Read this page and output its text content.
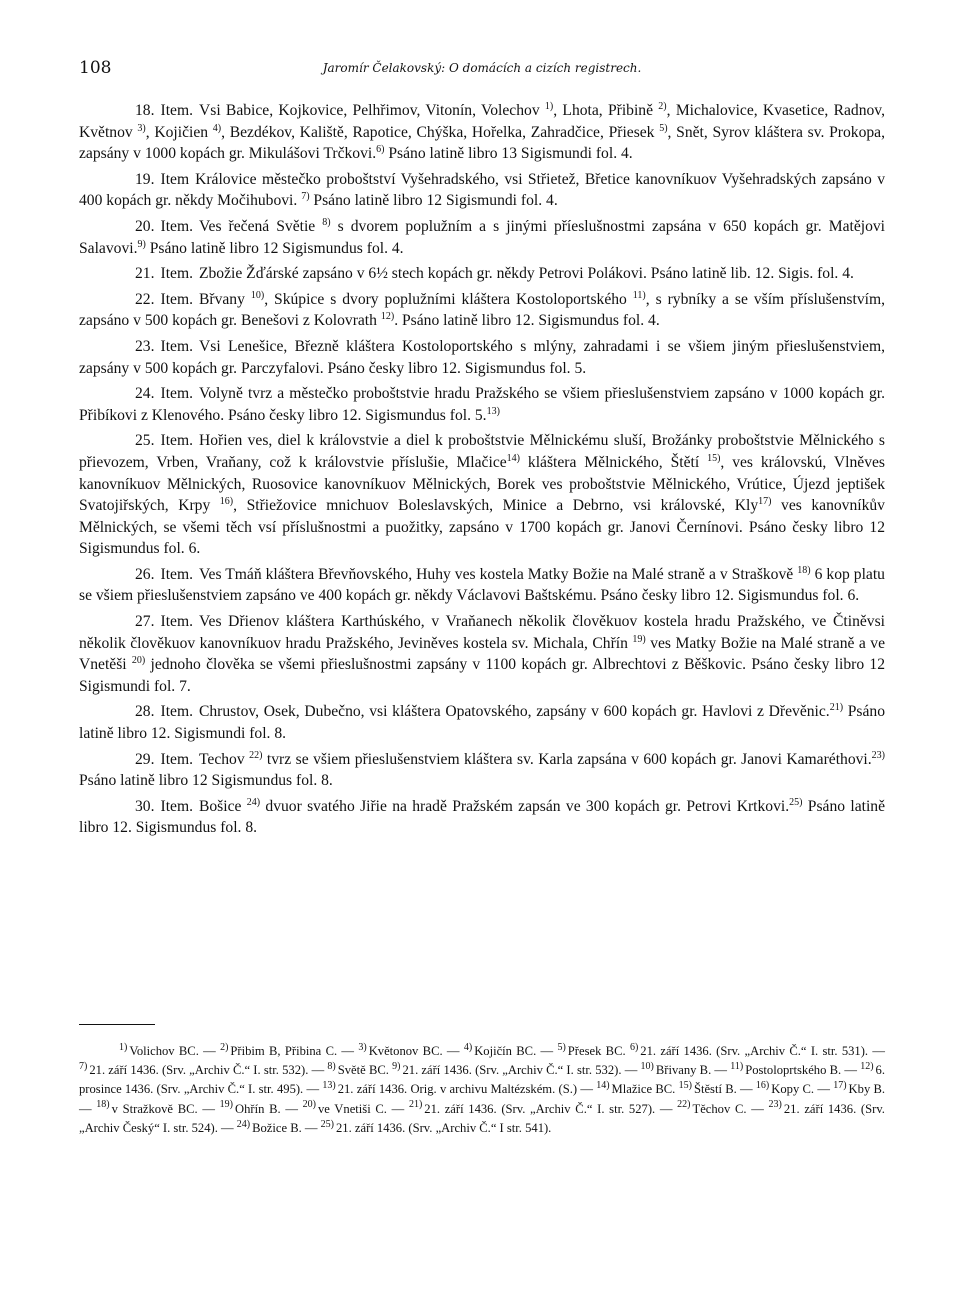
108	Jaromír Čelakovský: O domácích a cizích registrech.

18. Item. Vsi Babice, Kojkovice, Pelhřimov, Vitonín, Volechov $^{1)}$, Lhota, Přibině $^{2)}$, Michalovice, Kvasetice, Radnov, Květnov $^{3)}$, Kojičien $^{4)}$, Bezdékov, Kaliště, Rapotice, Chýška, Hořelka, Zahradčice, Přiesek $^{5)}$, Snět, Syrov kláštera sv. Prokopa, zapsány v 1000 kopách gr. Mikulášovi Trčkovi.$^{6)}$ Psáno latině libro 13 Sigismundi fol. 4.

19. Item Královice městečko proboštství Vyšehradského, vsi Střietež, Břetice kanovníkuov Vyšehradských zapsáno v 400 kopách gr. někdy Močihubovi. $^{7)}$ Psáno latině libro 12 Sigismundi fol. 4.

20. Item. Ves řečená Světie $^{8)}$ s dvorem poplužním a s jinými příeslušnostmi zapsána v 650 kopách gr. Matějovi Salavovi.$^{9)}$ Psáno latině libro 12 Sigismundus fol. 4.

21. Item. Zbožie Žďárské zapsáno v 6½ stech kopách gr. někdy Petrovi Polákovi. Psáno latině lib. 12. Sigis. fol. 4.

22. Item. Břvany $^{10)}$, Skúpice s dvory poplužními kláštera Kostoloportského $^{11)}$, s rybníky a se vším příslušenstvím, zapsáno v 500 kopách gr. Benešovi z Kolovrath $^{12)}$. Psáno latině libro 12. Sigismundus fol. 4.

23. Item. Vsi Lenešice, Březně kláštera Kostoloportského s mlýny, zahradami i se všiem jiným přieslušenstviem, zapsány v 500 kopách gr. Parczyfalovi. Psáno česky libro 12. Sigismundus fol. 5.

24. Item. Volyně tvrz a městečko proboštstvie hradu Pražského se všiem přieslušenstviem zapsáno v 1000 kopách gr. Přibíkovi z Klenového. Psáno česky libro 12. Sigismundus fol. 5.$^{13)}$

25. Item. Hořien ves, diel k královstvie a diel k proboštstvie Mělnickému sluší, Brožánky proboštstvie Mělnického s přievozem, Vrben, Vraňany, což k královstvie příslušie, Mlačice$^{14)}$ kláštera Mělnického, Štětí $^{15)}$, ves královskú, Vlněves kanovníkuov Mělnických, Ruosovice kanovníkuov Mělnických, Borek ves proboštstvie Mělnického, Vrútice, Újezd jeptišek Svatojiřských, Krpy $^{16)}$, Střiežovice mnichuov Boleslavských, Minice a Debrno, vsi královské, Kly$^{17)}$ ves kanovníkův Mělnických, se všemi těch vsí příslušnostmi a puožitky, zapsáno v 1700 kopách gr. Janovi Černínovi. Psáno česky libro 12 Sigismundus fol. 6.

26. Item. Ves Tmáň kláštera Břevňovského, Huhy ves kostela Matky Božie na Malé straně a v Straškově $^{18)}$ 6 kop platu se všiem přieslušenstviem zapsáno ve 400 kopách gr. někdy Václavovi Baštskému. Psáno česky libro 12. Sigismundus fol. 6.

27. Item. Ves Dřienov kláštera Karthúského, v Vraňanech několik člověkuov kostela hradu Pražského, ve Čtiněvsi několik člověkuov kanovníkuov hradu Pražského, Jeviněves kostela sv. Michala, Chřín $^{19)}$ ves Matky Božie na Malé straně a ve Vnetěši $^{20)}$ jednoho člověka se všemi přieslušnostmi zapsány v 1100 kopách gr. Albrechtovi z Běškovic. Psáno česky libro 12 Sigismundi fol. 7.

28. Item. Chrustov, Osek, Dubečno, vsi kláštera Opatovského, zapsány v 600 kopách gr. Havlovi z Dřevěnic.$^{21)}$ Psáno latině libro 12. Sigismundi fol. 8.

29. Item. Techov $^{22)}$ tvrz se všiem přieslušenstviem kláštera sv. Karla zapsána v 600 kopách gr. Janovi Kamaréthovi.$^{23)}$ Psáno latině libro 12 Sigismundus fol. 8.

30. Item. Bošice $^{24)}$ dvuor svatého Jiřie na hradě Pražském zapsán ve 300 kopách gr. Petrovi Krtkovi.$^{25)}$ Psáno latině libro 12. Sigismundus fol. 8.

$^{1)}$ Volichov BC. — $^{2)}$ Přibim B, Přibina C. — $^{3)}$ Květonov BC. — $^{4)}$ Kojičín BC. — $^{5)}$ Přesek BC. $^{6)}$ 21. září 1436. (Srv. „Archiv Č.“ I. str. 531). — $^{7)}$ 21. září 1436. (Srv. „Archiv Č.“ I. str. 532). — $^{8)}$ Světě BC. $^{9)}$ 21. září 1436. (Srv. „Archiv Č.“ I. str. 532). — $^{10)}$ Břivany B. — $^{11)}$ Postoloprtského B. — $^{12)}$ 6. prosince 1436. (Srv. „Archiv Č.“ I. str. 495). — $^{13)}$ 21. září 1436. Orig. v archivu Maltézském. (S.) — $^{14)}$ Mlažice BC. $^{15)}$ Štěstí B. — $^{16)}$ Kopy C. — $^{17)}$ Kby B. — $^{18)}$ v Stražkově BC. — $^{19)}$ Ohřín B. — $^{20)}$ ve Vnetiši C. — $^{21)}$ 21. září 1436. (Srv. „Archiv Č.“ I. str. 527). — $^{22)}$ Těchov C. — $^{23)}$ 21. září 1436. (Srv. „Archiv Český“ I. str. 524). — $^{24)}$ Božice B. — $^{25)}$ 21. září 1436. (Srv. „Archiv Č.“ I str. 541).
